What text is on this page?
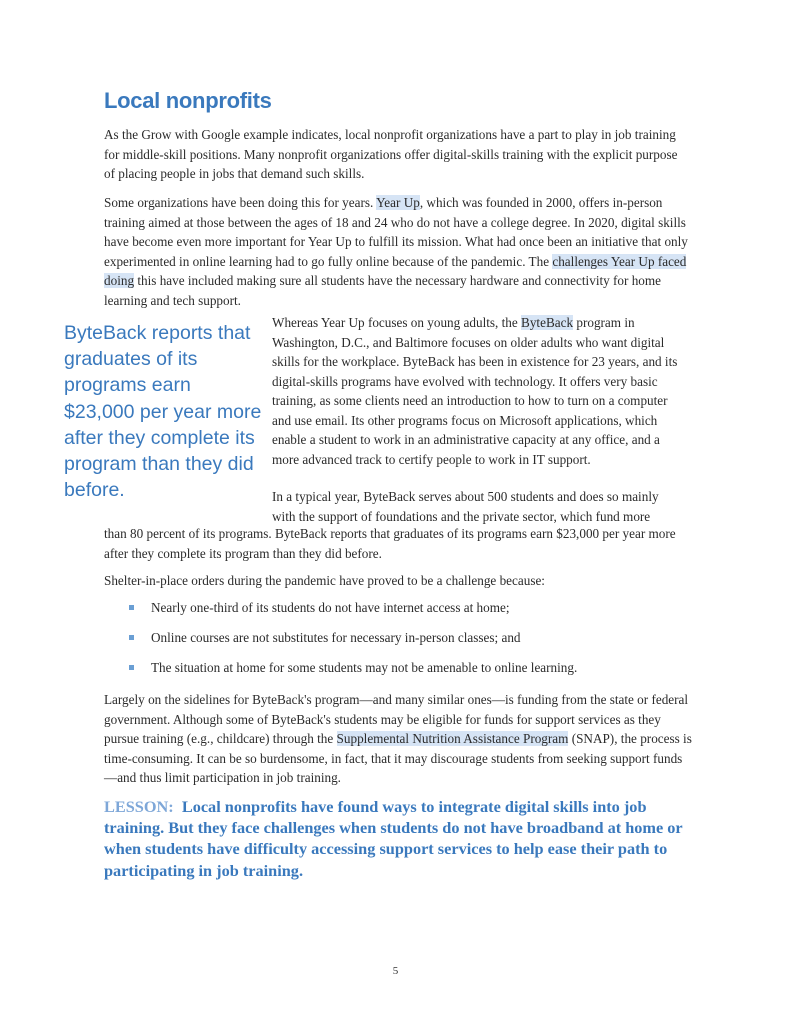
Local nonprofits

As the Grow with Google example indicates, local nonprofit organizations have a part to play in job training for middle-skill positions. Many nonprofit organizations offer digital-skills training with the explicit purpose of placing people in jobs that demand such skills.

Some organizations have been doing this for years. Year Up, which was founded in 2000, offers in-person training aimed at those between the ages of 18 and 24 who do not have a college degree. In 2020, digital skills have become even more important for Year Up to fulfill its mission. What had once been an initiative that only experimented in online learning had to go fully online because of the pandemic. The challenges Year Up faced doing this have included making sure all students have the necessary hardware and connectivity for home learning and tech support.

ByteBack reports that graduates of its programs earn $23,000 per year more after they complete its program than they did before.

Whereas Year Up focuses on young adults, the ByteBack program in Washington, D.C., and Baltimore focuses on older adults who want digital skills for the workplace. ByteBack has been in existence for 23 years, and its digital-skills programs have evolved with technology. It offers very basic training, as some clients need an introduction to how to turn on a computer and use email. Its other programs focus on Microsoft applications, which enable a student to work in an administrative capacity at any office, and a more advanced track to certify people to work in IT support.

In a typical year, ByteBack serves about 500 students and does so mainly with the support of foundations and the private sector, which fund more

than 80 percent of its programs. ByteBack reports that graduates of its programs earn $23,000 per year more after they complete its program than they did before.

Shelter-in-place orders during the pandemic have proved to be a challenge because:

Nearly one-third of its students do not have internet access at home;
Online courses are not substitutes for necessary in-person classes; and
The situation at home for some students may not be amenable to online learning.

Largely on the sidelines for ByteBack's program—and many similar ones—is funding from the state or federal government. Although some of ByteBack's students may be eligible for funds for support services as they pursue training (e.g., childcare) through the Supplemental Nutrition Assistance Program (SNAP), the process is time-consuming. It can be so burdensome, in fact, that it may discourage students from seeking support funds—and thus limit participation in job training.

LESSON: Local nonprofits have found ways to integrate digital skills into job training. But they face challenges when students do not have broadband at home or when students have difficulty accessing support services to help ease their path to participating in job training.

5
